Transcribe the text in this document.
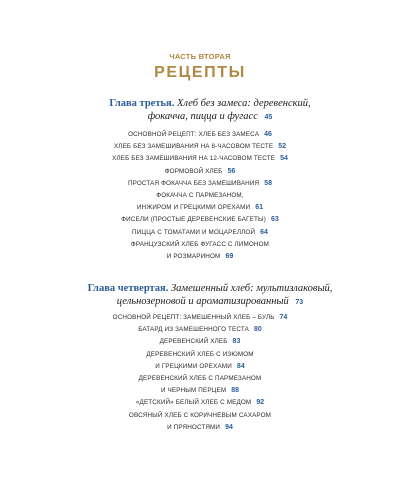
ЧАСТЬ ВТОРАЯ
РЕЦЕПТЫ
Глава третья. Хлеб без замеса: деревенский,
фокачча, пицца и фугасс 45
ОСНОВНОЙ РЕЦЕПТ: ХЛЕБ БЕЗ ЗАМЕСА 46
ХЛЕБ БЕЗ ЗАМЕШИВАНИЯ НА 8-ЧАСОВОМ ТЕСТЕ 52
ХЛЕБ БЕЗ ЗАМЕШИВАНИЯ НА 12-ЧАСОВОМ ТЕСТЕ 54
ФОРМОВОЙ ХЛЕБ 56
ПРОСТАЯ ФОКАЧЧА БЕЗ ЗАМЕШИВАНИЯ 58
ФОКАЧЧА С ПАРМЕЗАНОМ,
ИНЖИРОМ И ГРЕЦКИМИ ОРЕХАМИ 61
ФИСЕЛИ (ПРОСТЫЕ ДЕРЕВЕНСКИЕ БАГЕТЫ) 63
ПИЦЦА С ТОМАТАМИ И МОЦАРЕЛЛОЙ 64
ФРАНЦУЗСКИЙ ХЛЕБ ФУГАСС С ЛИМОНОМ
И РОЗМАРИНОМ 69
Глава четвертая. Замешенный хлеб: мультизлаковый,
цельнозерновой и ароматизированный 73
ОСНОВНОЙ РЕЦЕПТ: ЗАМЕШЕННЫЙ ХЛЕБ – БУЛЬ 74
БАТАРД ИЗ ЗАМЕШЕННОГО ТЕСТА 80
ДЕРЕВЕНСКИЙ ХЛЕБ 83
ДЕРЕВЕНСКИЙ ХЛЕБ С ИЗЮМОМ
И ГРЕЦКИМИ ОРЕХАМИ 84
ДЕРЕВЕНСКИЙ ХЛЕБ С ПАРМЕЗАНОМ
И ЧЕРНЫМ ПЕРЦЕМ 88
«ДЕТСКИЙ» БЕЛЫЙ ХЛЕБ С МЕДОМ 92
ОВСЯНЫЙ ХЛЕБ С КОРИЧНЕВЫМ САХАРОМ
И ПРЯНОСТЯМИ 94
